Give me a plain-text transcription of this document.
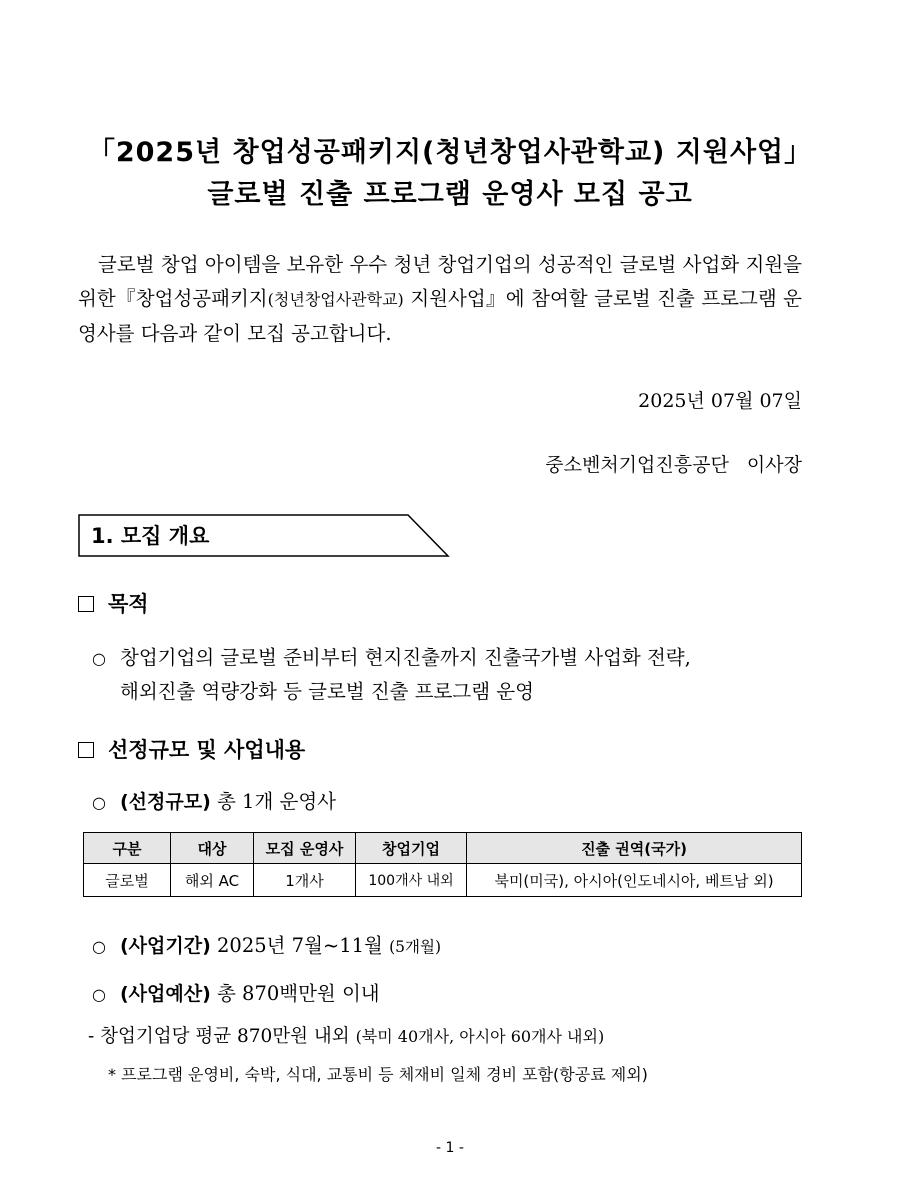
「2025년 창업성공패키지(청년창업사관학교) 지원사업」
글로벌 진출 프로그램 운영사 모집 공고
글로벌 창업 아이템을 보유한 우수 청년 창업기업의 성공적인 글로벌 사업화 지원을 위한『창업성공패키지(청년창업사관학교) 지원사업』에 참여할 글로벌 진출 프로그램 운영사를 다음과 같이 모집 공고합니다.
2025년 07월 07일
중소벤처기업진흥공단   이사장
1. 모집 개요
목적
○ 창업기업의 글로벌 준비부터 현지진출까지 진출국가별 사업화 전략,
해외진출 역량강화 등 글로벌 진출 프로그램 운영
선정규모 및 사업내용
○ (선정규모) 총 1개 운영사
구분	대상	모집 운영사	창업기업	진출 권역(국가)
글로벌	해외 AC	1개사	100개사 내외	북미(미국), 아시아(인도네시아, 베트남 외)
○ (사업기간) 2025년 7월~11월 (5개월)
○ (사업예산) 총 870백만원 이내
- 창업기업당 평균 870만원 내외 (북미 40개사, 아시아 60개사 내외)
* 프로그램 운영비, 숙박, 식대, 교통비 등 체재비 일체 경비 포함(항공료 제외)
- 1 -
